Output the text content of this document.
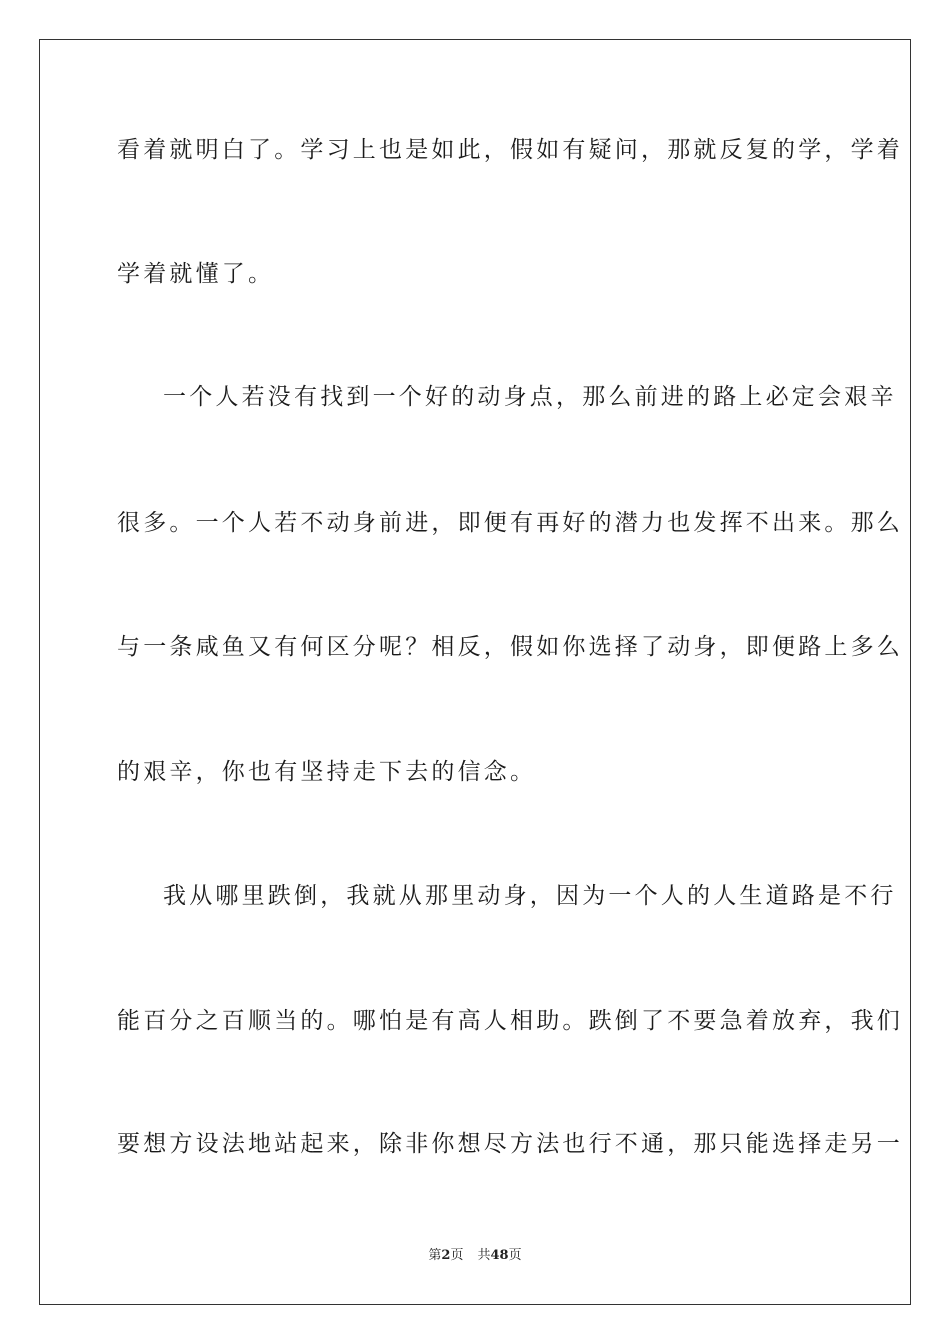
看着就明白了。学习上也是如此，假如有疑问，那就反复的学，学着
学着就懂了。
一个人若没有找到一个好的动身点，那么前进的路上必定会艰辛
很多。一个人若不动身前进，即便有再好的潜力也发挥不出来。那么
与一条咸鱼又有何区分呢？相反，假如你选择了动身，即便路上多么
的艰辛，你也有坚持走下去的信念。
我从哪里跌倒，我就从那里动身，因为一个人的人生道路是不行
能百分之百顺当的。哪怕是有高人相助。跌倒了不要急着放弃，我们
要想方设法地站起来，除非你想尽方法也行不通，那只能选择走另一
第2页 共48页
